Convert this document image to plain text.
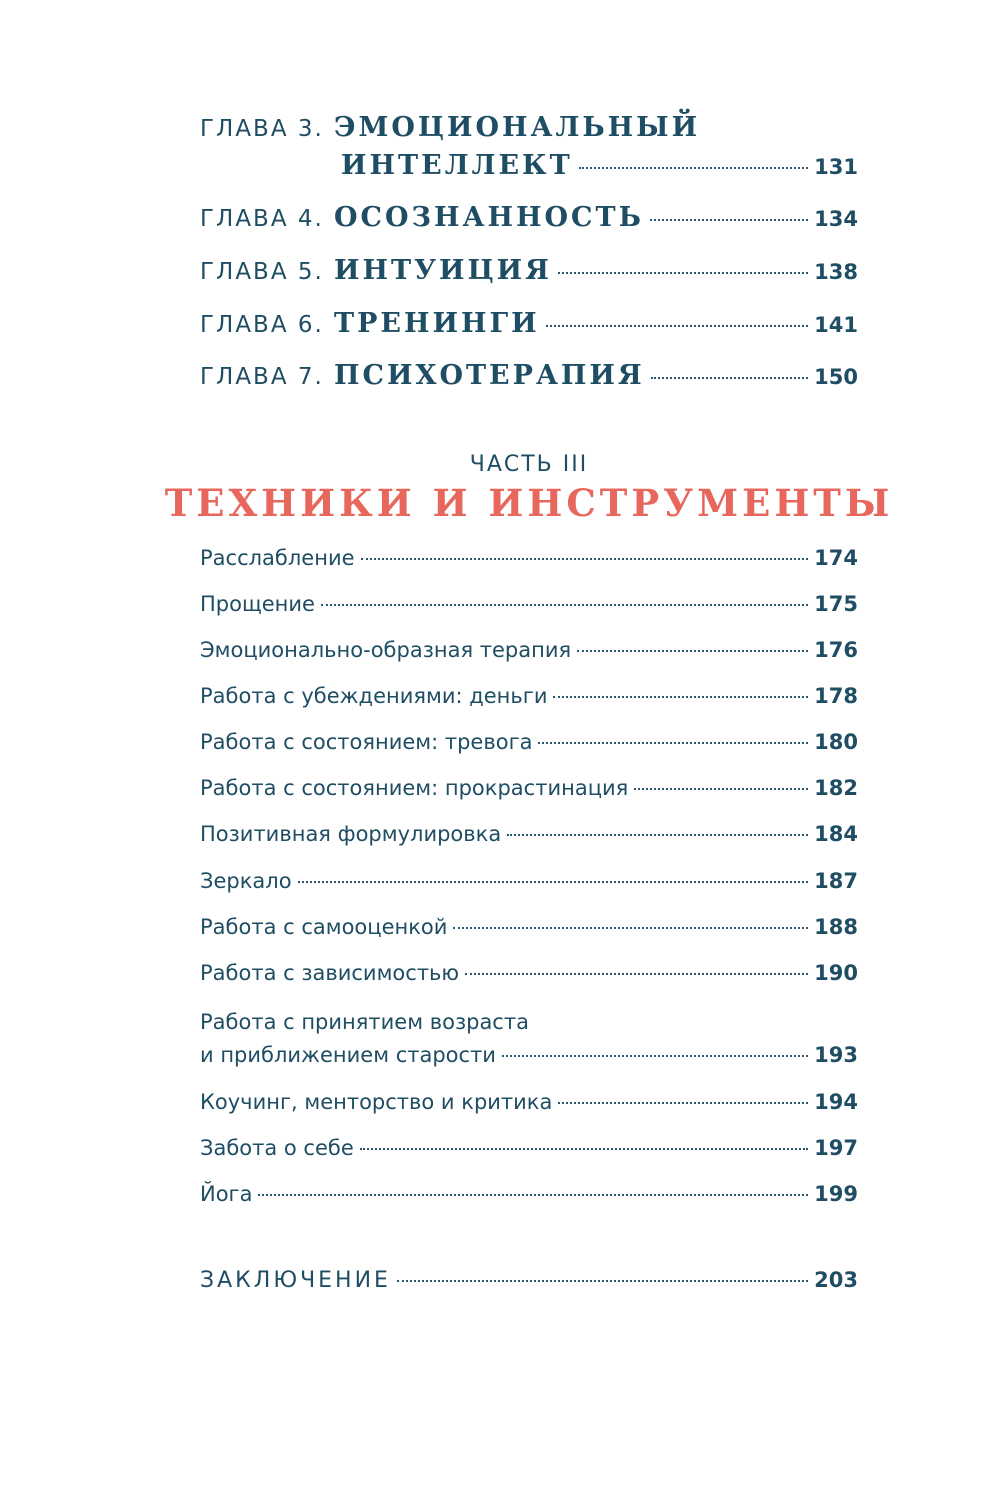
ГЛАВА 3. ЭМОЦИОНАЛЬНЫЙ
ИНТЕЛЛЕКТ	131
ГЛАВА 4. ОСОЗНАННОСТЬ	134
ГЛАВА 5. ИНТУИЦИЯ	138
ГЛАВА 6. ТРЕНИНГИ	141
ГЛАВА 7. ПСИХОТЕРАПИЯ	150
ЧАСТЬ III
ТЕХНИКИ И ИНСТРУМЕНТЫ
Расслабление	174
Прощение	175
Эмоционально-образная терапия	176
Работа с убеждениями: деньги	178
Работа с состоянием: тревога	180
Работа с состоянием: прокрастинация	182
Позитивная формулировка	184
Зеркало	187
Работа с самооценкой	188
Работа с зависимостью	190
Работа с принятием возраста
и приближением старости	193
Коучинг, менторство и критика	194
Забота о себе	197
Йога	199
ЗАКЛЮЧЕНИЕ	203
